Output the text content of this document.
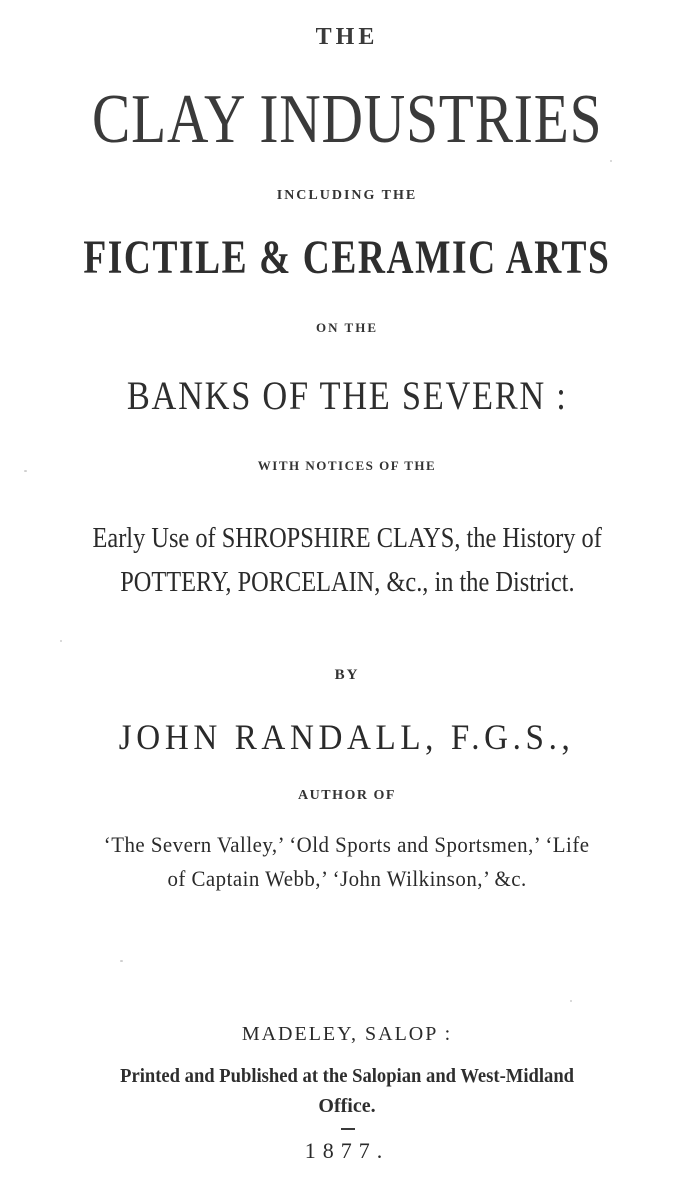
THE
CLAY INDUSTRIES
INCLUDING THE
FICTILE & CERAMIC ARTS
ON THE
BANKS OF THE SEVERN :
WITH NOTICES OF THE
Early Use of SHROPSHIRE CLAYS, the History of
POTTERY, PORCELAIN, &c., in the District.
BY
JOHN RANDALL, F.G.S.,
AUTHOR OF
‘The Severn Valley,’ ‘Old Sports and Sportsmen,’ ‘Life
of Captain Webb,’ ‘John Wilkinson,’ &c.
MADELEY, SALOP :
Printed and Published at the Salopian and West-Midland
Office.
1877.
